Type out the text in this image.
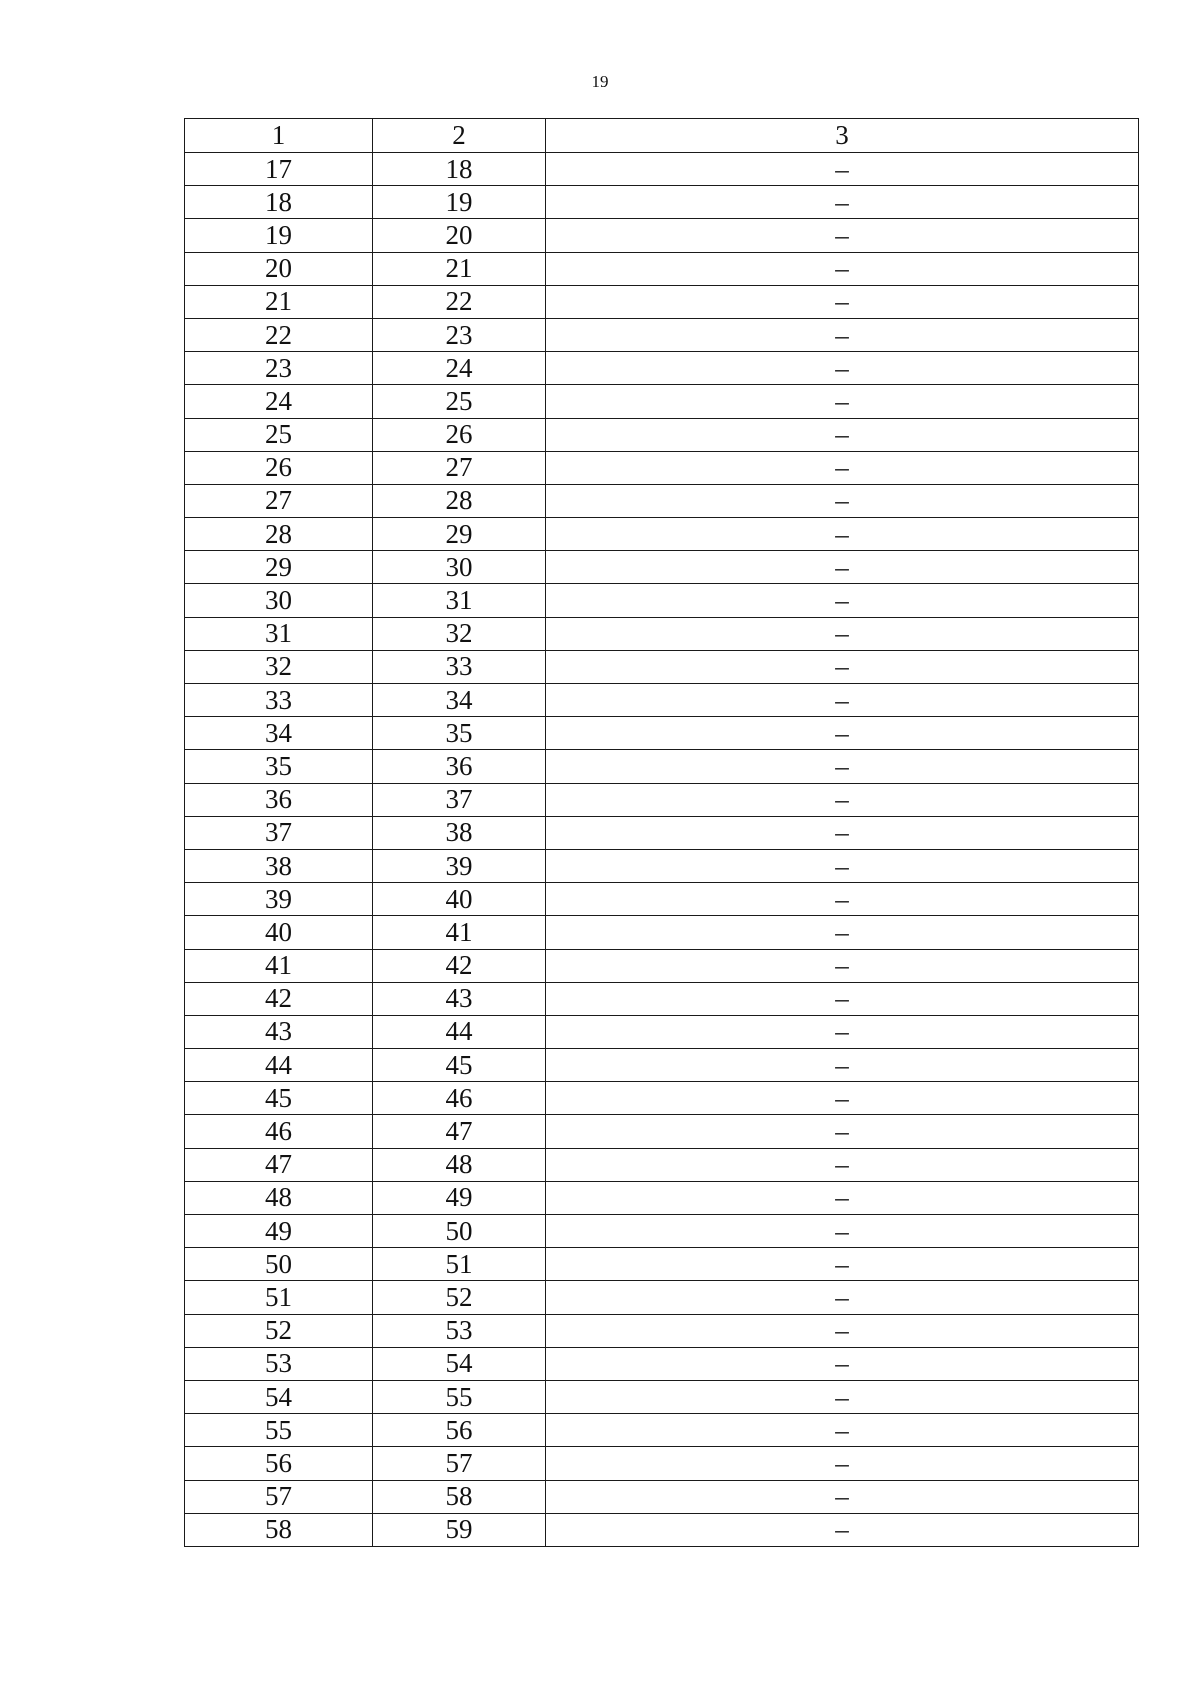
19
1	2	3
17	18	–
18	19	–
19	20	–
20	21	–
21	22	–
22	23	–
23	24	–
24	25	–
25	26	–
26	27	–
27	28	–
28	29	–
29	30	–
30	31	–
31	32	–
32	33	–
33	34	–
34	35	–
35	36	–
36	37	–
37	38	–
38	39	–
39	40	–
40	41	–
41	42	–
42	43	–
43	44	–
44	45	–
45	46	–
46	47	–
47	48	–
48	49	–
49	50	–
50	51	–
51	52	–
52	53	–
53	54	–
54	55	–
55	56	–
56	57	–
57	58	–
58	59	–
